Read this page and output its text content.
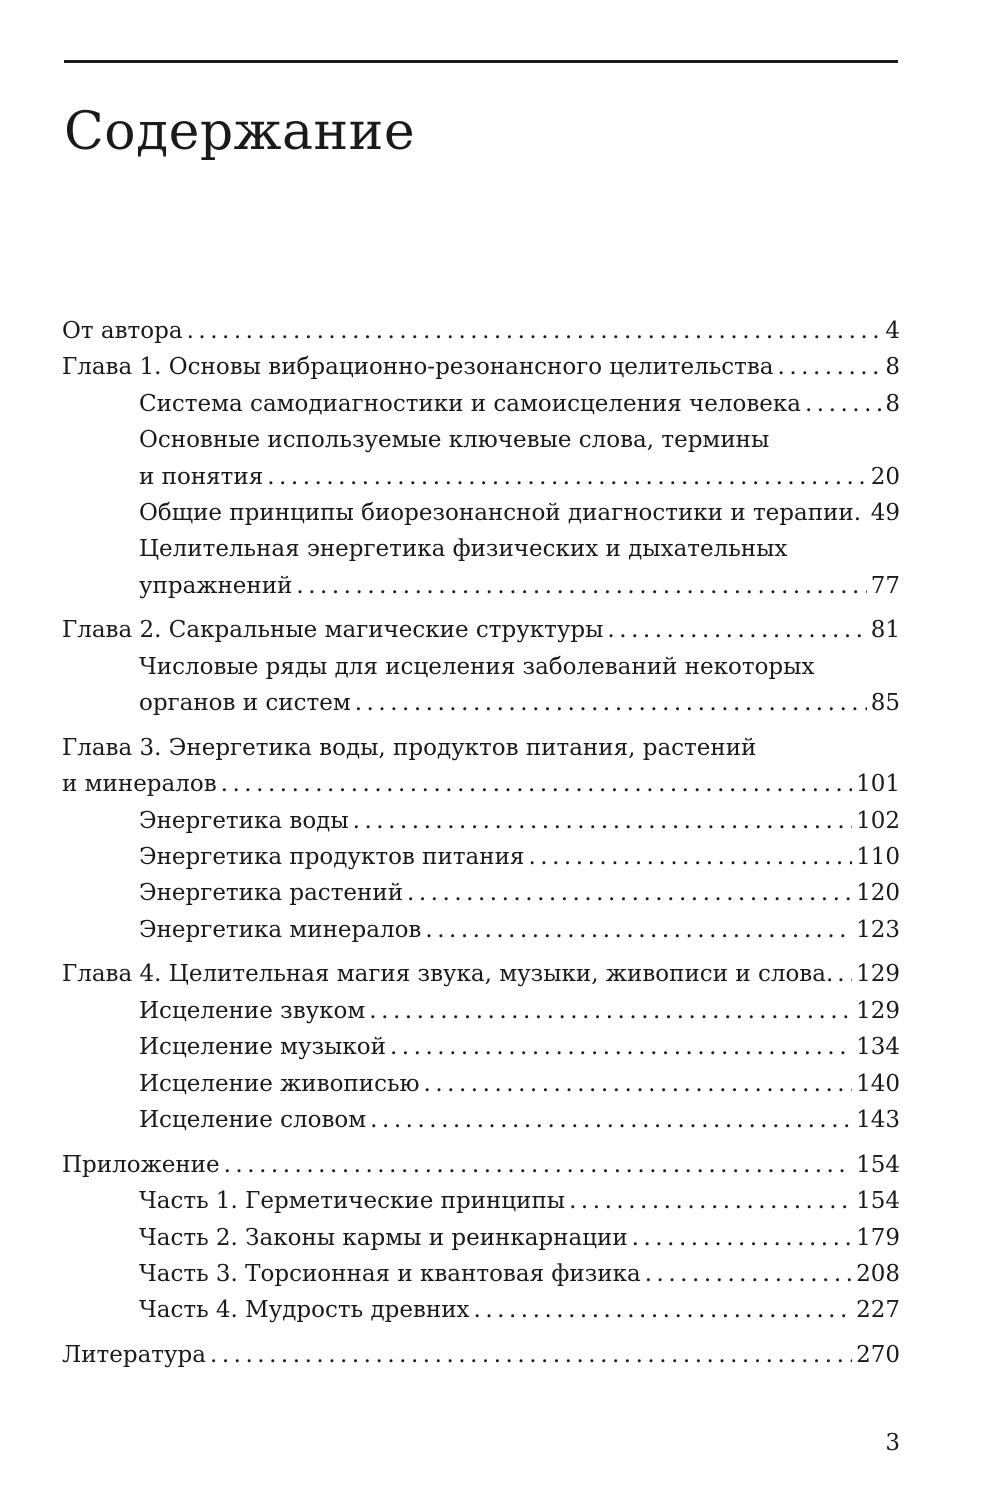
Содержание
От автора . . .	4
Глава 1. Основы вибрационно-резонансного целительства . . .	8
Система самодиагностики и самоисцеления человека . . .	8
Основные используемые ключевые слова, термины
и понятия . . .	20
Общие принципы биорезонансной диагностики и терапии. . . . 49
Целительная энергетика физических и дыхательных
упражнений . . .	77
Глава 2. Сакральные магические структуры . . .	81
Числовые ряды для исцеления заболеваний некоторых
органов и систем . . .	85
Глава 3. Энергетика воды, продуктов питания, растений
и минералов . . .	101
Энергетика воды . . .	102
Энергетика продуктов питания . . .	110
Энергетика растений . . .	120
Энергетика минералов . . .	123
Глава 4. Целительная магия звука, музыки, живописи и слова. . . . 129
Исцеление звуком . . .	129
Исцеление музыкой . . .	134
Исцеление живописью . . .	140
Исцеление словом . . .	143
Приложение . . .	154
Часть 1. Герметические принципы . . .	154
Часть 2. Законы кармы и реинкарнации . . .	179
Часть 3. Торсионная и квантовая физика . . .	208
Часть 4. Мудрость древних . . .	227
Литература . . .	270
3
